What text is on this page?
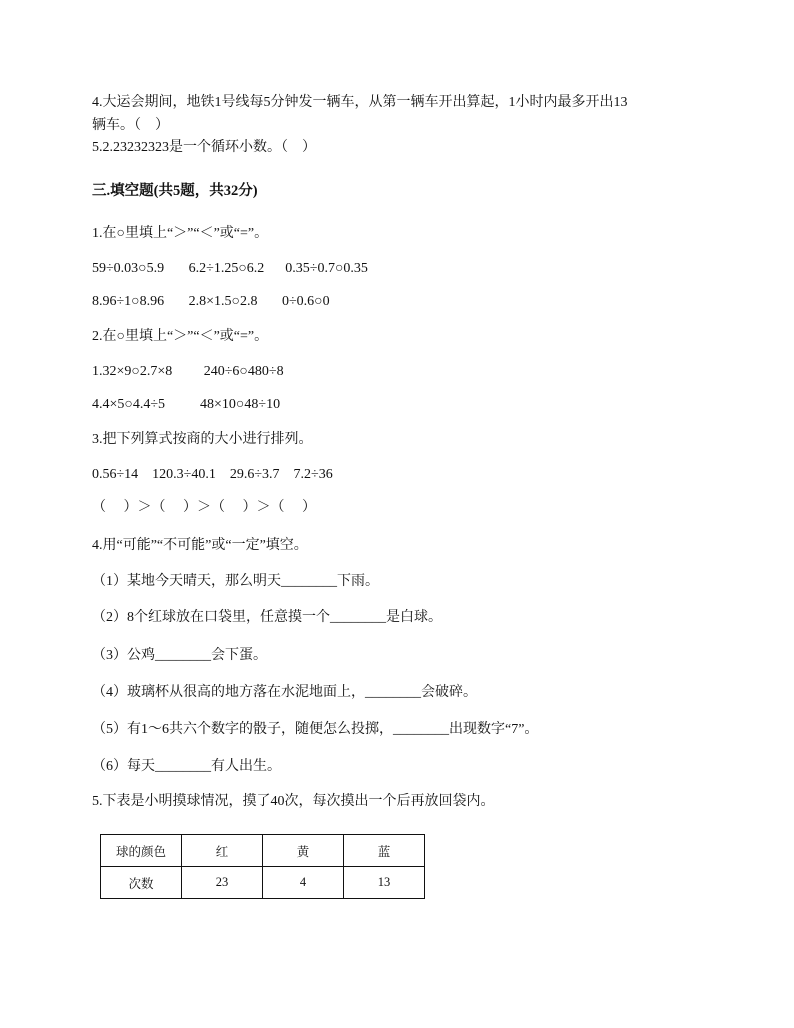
4.大运会期间，地铁1号线每5分钟发一辆车，从第一辆车开出算起，1小时内最多开出13
辆车。（    ）
5.2.23232323是一个循环小数。（    ）
三.填空题(共5题，共32分)
1.在○里填上“＞”“＜”或“=”。
59÷0.03○5.9       6.2÷1.25○6.2      0.35÷0.7○0.35
8.96÷1○8.96       2.8×1.5○2.8       0÷0.6○0
2.在○里填上“＞”“＜”或“=”。
1.32×9○2.7×8         240÷6○480÷8
4.4×5○4.4÷5          48×10○48÷10
3.把下列算式按商的大小进行排列。
0.56÷14    120.3÷40.1    29.6÷3.7    7.2÷36
（     ）＞（     ）＞（     ）＞（     ）
4.用“可能”“不可能”或“一定”填空。
（1）某地今天晴天，那么明天________下雨。
（2）8个红球放在口袋里，任意摸一个________是白球。
（3）公鸡________会下蛋。
（4）玻璃杯从很高的地方落在水泥地面上，________会破碎。
（5）有1～6共六个数字的骰子，随便怎么投掷，________出现数字“7”。
（6）每天________有人出生。
5.下表是小明摸球情况，摸了40次，每次摸出一个后再放回袋内。
球的颜色	红	黄	蓝
次数	23	4	13
